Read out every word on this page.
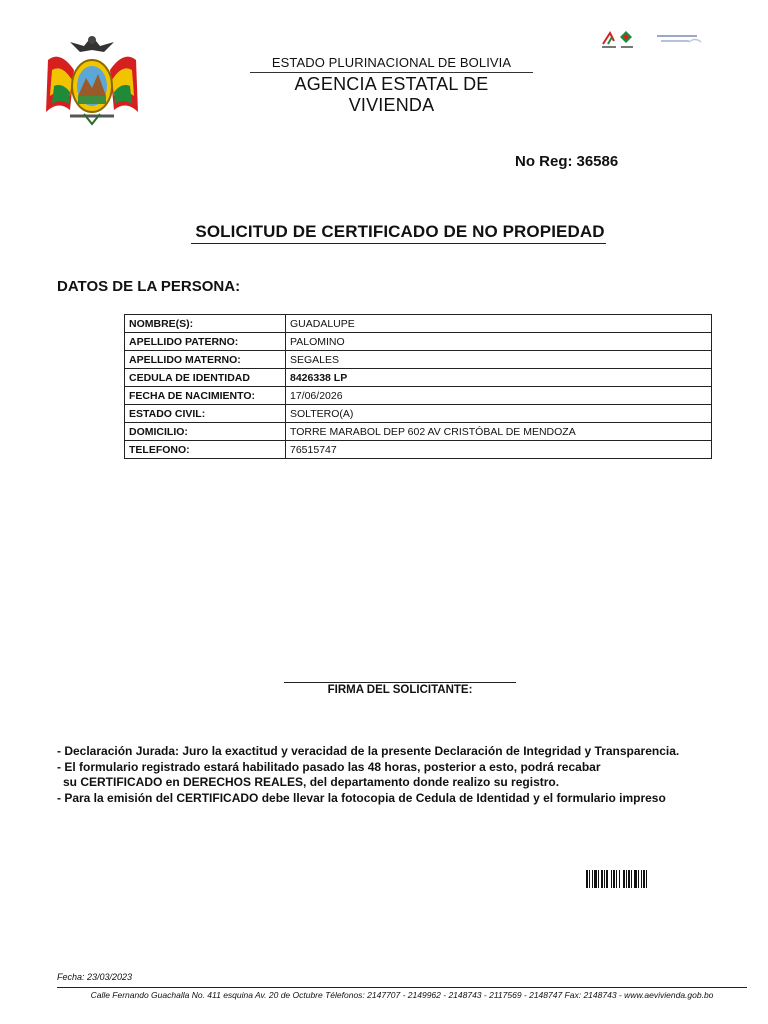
ESTADO PLURINACIONAL DE BOLIVIA
AGENCIA ESTATAL DE VIVIENDA
No Reg: 36586
SOLICITUD DE CERTIFICADO DE NO PROPIEDAD
DATOS DE LA PERSONA:
NOMBRE(S):	GUADALUPE
APELLIDO PATERNO:	PALOMINO
APELLIDO MATERNO:	SEGALES
CEDULA DE IDENTIDAD	8426338 LP
FECHA DE NACIMIENTO:	17/06/2026
ESTADO CIVIL:	SOLTERO(A)
DOMICILIO:	TORRE MARABOL DEP 602 AV CRISTÓBAL DE MENDOZA
TELEFONO:	76515747
FIRMA DEL SOLICITANTE:
- Declaración Jurada: Juro la exactitud y veracidad de la presente Declaración de Integridad y Transparencia.
- El formulario registrado estará habilitado pasado las 48 horas, posterior a esto, podrá recabar
su CERTIFICADO en DERECHOS REALES, del departamento donde realizo su registro.
- Para la emisión del CERTIFICADO debe llevar la fotocopia de Cedula de Identidad y el formulario impreso
Fecha: 23/03/2023
Calle Fernando Guachalla No. 411 esquina Av. 20 de Octubre Télefonos: 2147707 - 2149962 - 2148743 - 2117569 - 2148747 Fax: 2148743 - www.aevivienda.gob.bo
